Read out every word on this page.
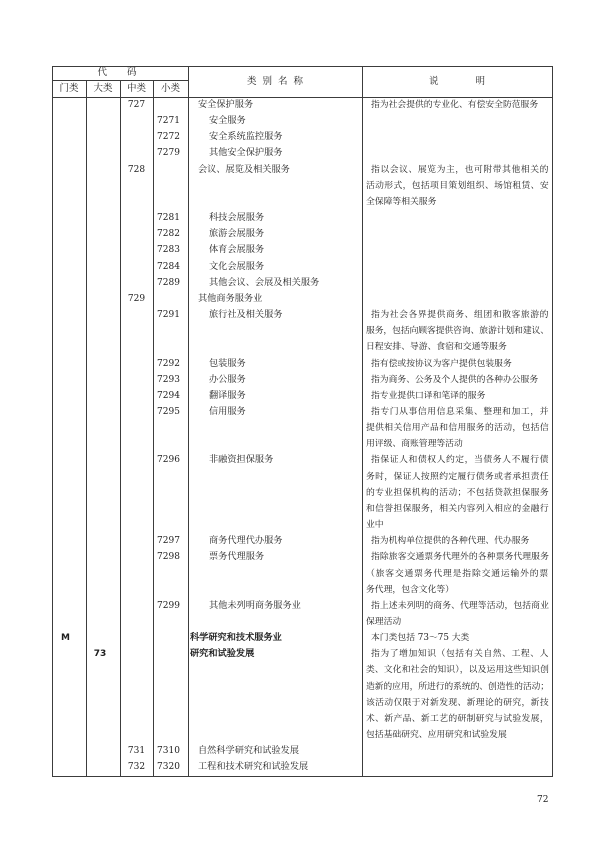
代码
门类	大类	中类	小类
类别名称	说明
727	安全保护服务	指为社会提供的专业化、有偿安全防范服务
7271	安全服务
7272	安全系统监控服务
7279	其他安全保护服务
728	会议、展览及相关服务	指以会议、展览为主，也可附带其他相关的
活动形式，包括项目策划组织、场馆租赁、安
全保障等相关服务
7281	科技会展服务
7282	旅游会展服务
7283	体育会展服务
7284	文化会展服务
7289	其他会议、会展及相关服务
729	其他商务服务业
7291	旅行社及相关服务	指为社会各界提供商务、组团和散客旅游的
服务，包括向顾客提供咨询、旅游计划和建议、
日程安排、导游、食宿和交通等服务
7292	包装服务	指有偿或按协议为客户提供包装服务
7293	办公服务	指为商务、公务及个人提供的各种办公服务
7294	翻译服务	指专业提供口译和笔译的服务
7295	信用服务	指专门从事信用信息采集、整理和加工，并
提供相关信用产品和信用服务的活动，包括信
用评级、商账管理等活动
7296	非融资担保服务	指保证人和债权人约定，当债务人不履行债
务时，保证人按照约定履行债务或者承担责任
的专业担保机构的活动；不包括贷款担保服务
和信誉担保服务，相关内容列入相应的金融行
业中
7297	商务代理代办服务	指为机构单位提供的各种代理、代办服务
7298	票务代理服务	指除旅客交通票务代理外的各种票务代理服务
（旅客交通票务代理是指除交通运输外的票
务代理，包含文化等）
7299	其他未列明商务服务业	指上述未列明的商务、代理等活动，包括商业
保理活动
M	科学研究和技术服务业	本门类包括 73～75 大类
73	研究和试验发展	指为了增加知识（包括有关自然、工程、人
类、文化和社会的知识），以及运用这些知识创
造新的应用，所进行的系统的、创造性的活动；
该活动仅限于对新发现、新理论的研究，新技
术、新产品、新工艺的研制研究与试验发展，
包括基础研究、应用研究和试验发展
731	7310	自然科学研究和试验发展
732	7320	工程和技术研究和试验发展
72
